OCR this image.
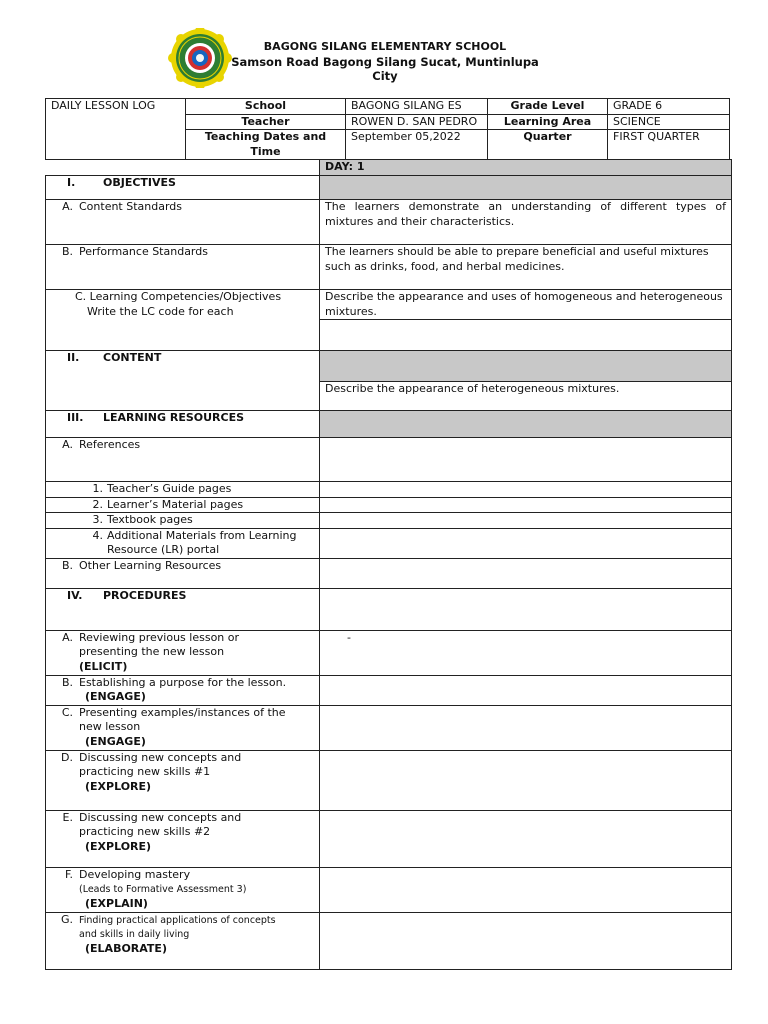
BAGONG SILANG ELEMENTARY SCHOOL
Samson Road Bagong Silang Sucat, Muntinlupa City
DAILY LESSON LOG	School	BAGONG SILANG ES	Grade Level	GRADE 6
	Teacher	ROWEN D. SAN PEDRO	Learning Area	SCIENCE
	Teaching Dates and Time	September 05,2022	Quarter	FIRST QUARTER
	DAY: 1

I. OBJECTIVES	

A. Content Standards	The learners demonstrate an understanding of different types of mixtures and their characteristics.

B. Performance Standards	The learners should be able to prepare beneficial and useful mixtures such as drinks, food, and herbal medicines.

C. Learning Competencies/Objectives
Write the LC code for each	Describe the appearance and uses of homogeneous and heterogeneous mixtures.

II. CONTENT	

	Describe the appearance of heterogeneous mixtures.

III. LEARNING RESOURCES	

A. References	

1. Teacher’s Guide pages	
2. Learner’s Material pages	
3. Textbook pages	
4. Additional Materials from Learning Resource (LR) portal	

B. Other Learning Resources	

IV. PROCEDURES	

A. Reviewing previous lesson or
presenting the new lesson
(ELICIT)	-
B. Establishing a purpose for the lesson.
(ENGAGE)	
C. Presenting examples/instances of the
new lesson
(ENGAGE)	
D. Discussing new concepts and
practicing new skills #1
(EXPLORE)	
E. Discussing new concepts and
practicing new skills #2
(EXPLORE)	
F. Developing mastery
(Leads to Formative Assessment 3)
(EXPLAIN)	
G. Finding practical applications of concepts
and skills in daily living
(ELABORATE)	
